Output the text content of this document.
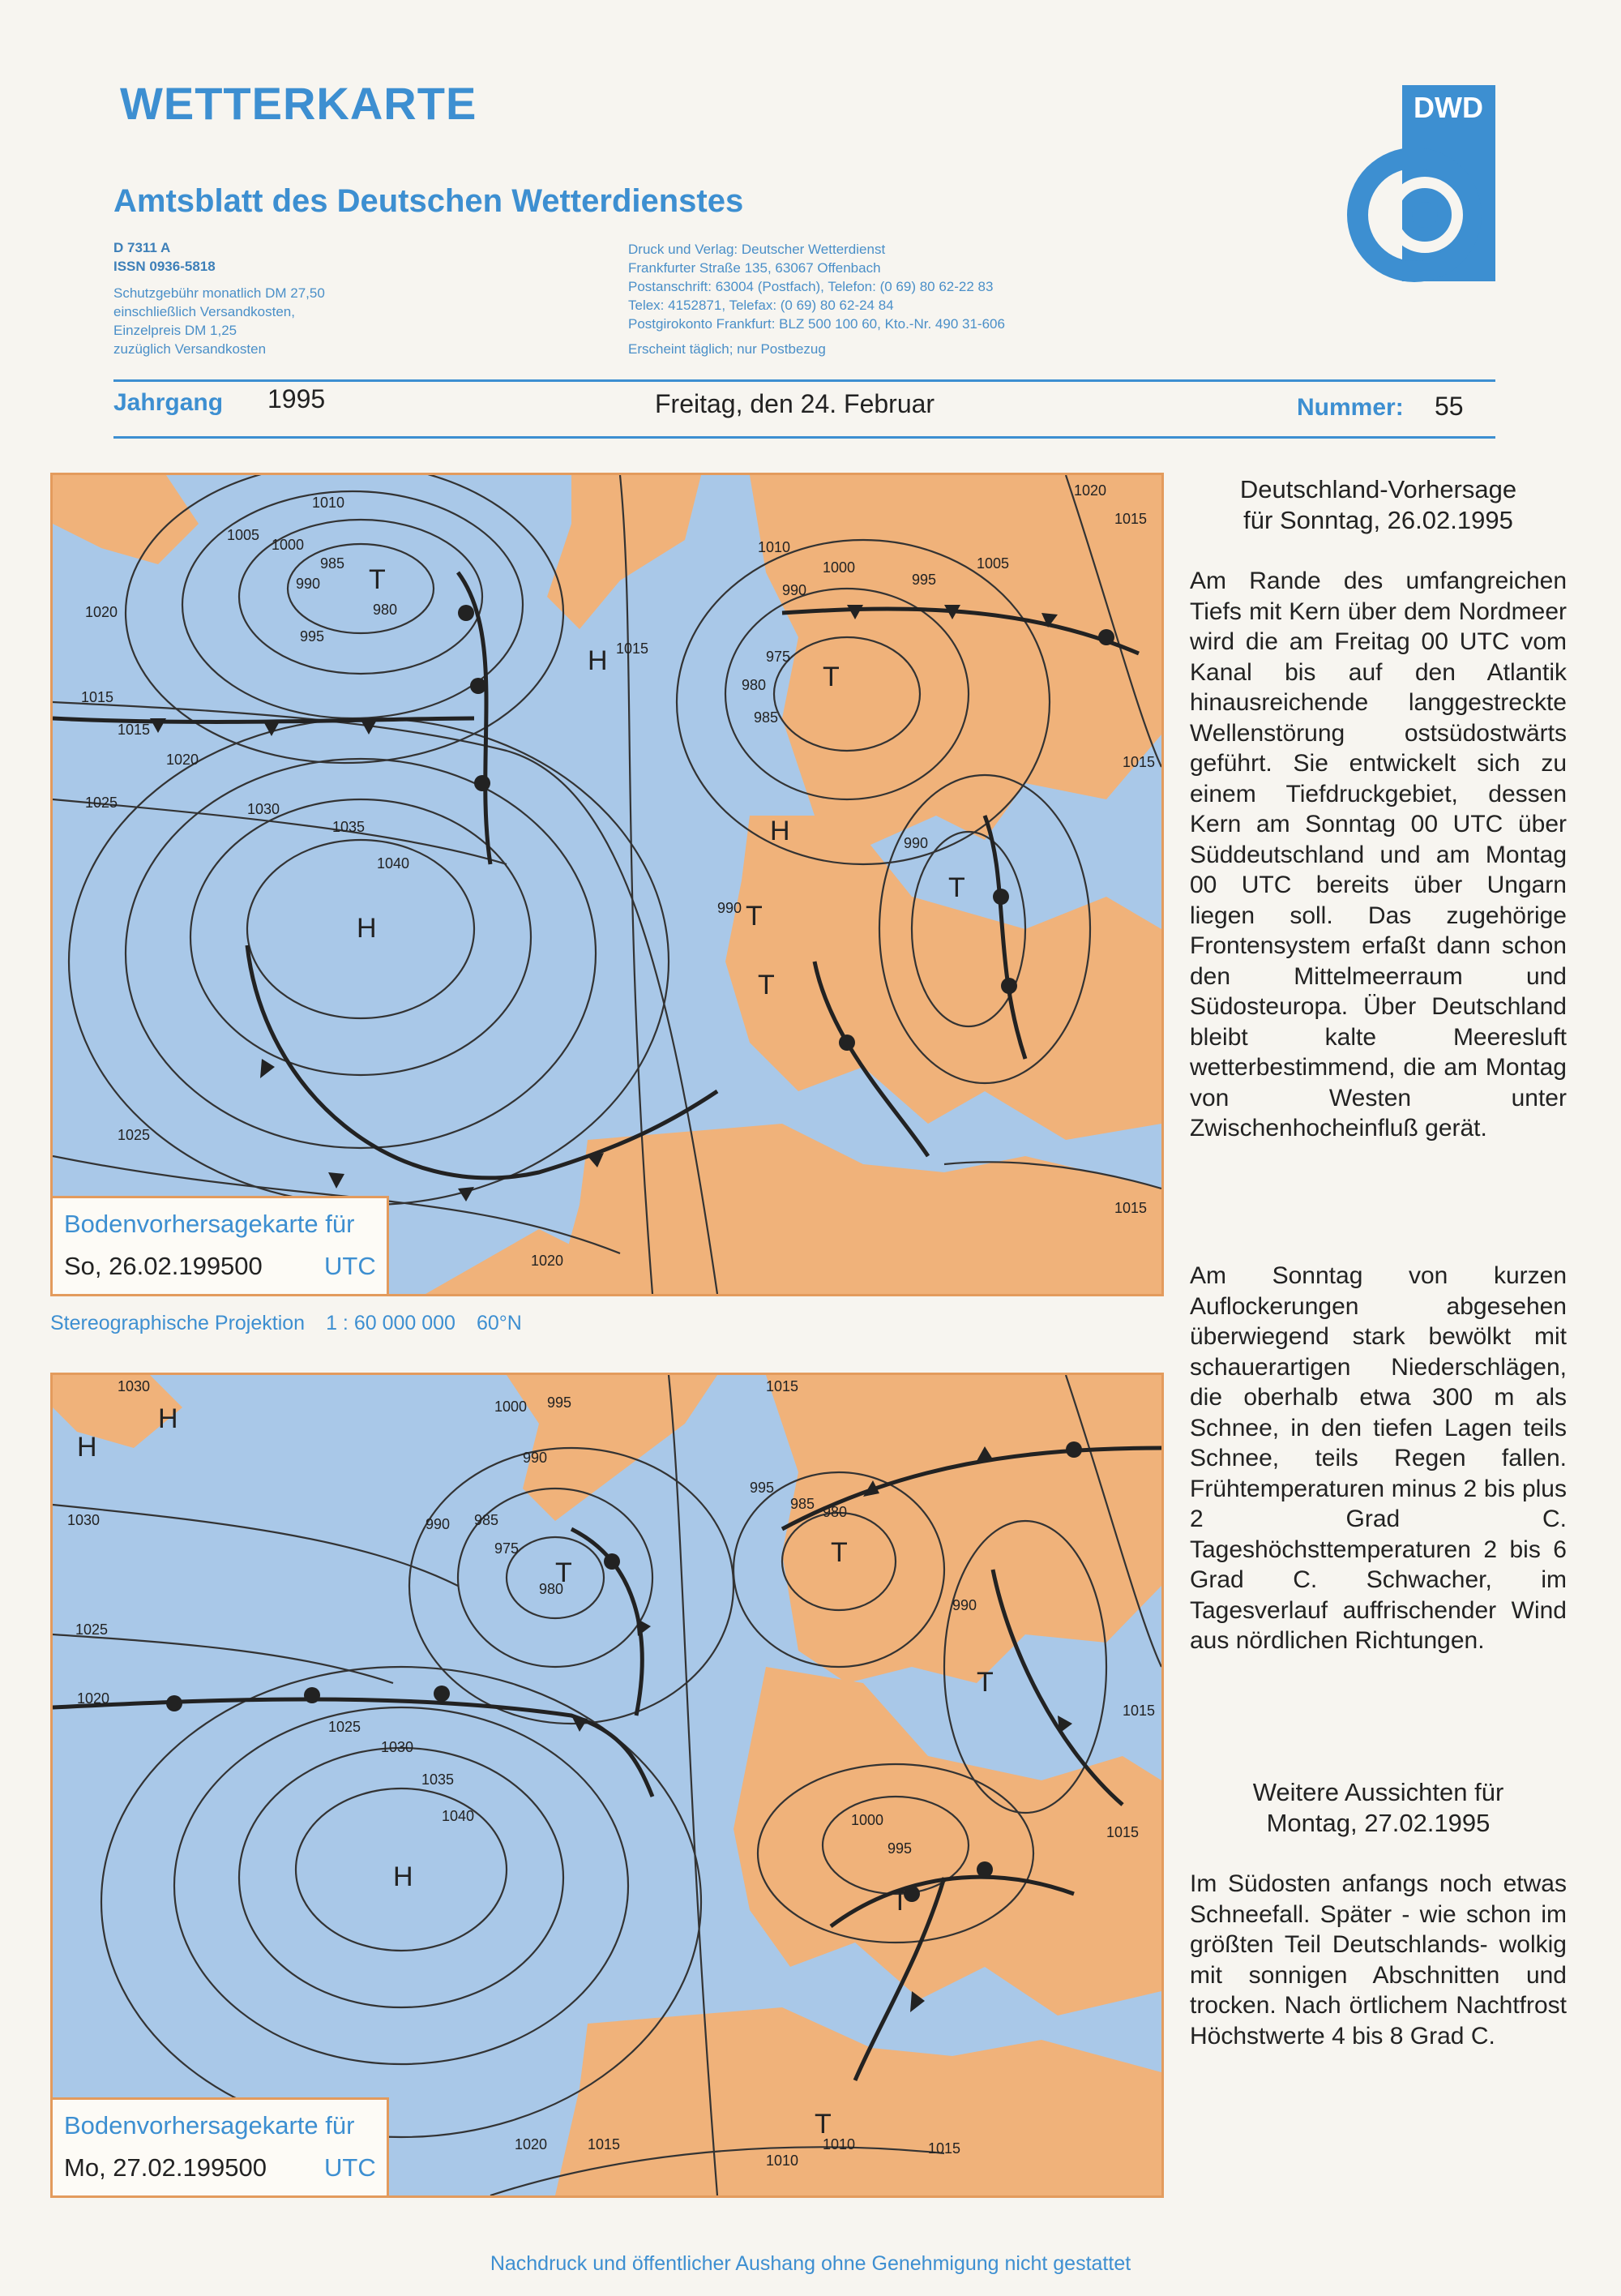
WETTERKARTE
Amtsblatt des Deutschen Wetterdienstes
D 7311 A
ISSN 0936-5818
Schutzgebühr monatlich DM 27,50
einschließlich Versandkosten,
Einzelpreis DM 1,25
zuzüglich Versandkosten
Druck und Verlag: Deutscher Wetterdienst
Frankfurter Straße 135, 63067 Offenbach
Postanschrift: 63004 (Postfach), Telefon: (0 69) 80 62-22 83
Telex: 4152871, Telefax: (0 69) 80 62-24 84
Postgirokonto Frankfurt: BLZ 500 100 60, Kto.-Nr. 490 31-606
Erscheint täglich; nur Postbezug
DWD
Jahrgang 1995	Freitag, den 24. Februar	Nummer: 55
1010
1005
1000
985
980
990
995
1020
1015
1015
1020
1025	1030
1035
1040
1025
1020
1010
1000	1005
995
990
975
980
985
1015
1020
1015
1015
990
990
1015
T
H
T
H
H
T
T
T
Bodenvorhersagekarte für
So, 26.02.199500 UTC
Stereographische Projektion 1 : 60 000 000 60°N
1030
1030
1025
1020
1000 995
990
985
990
975
980
1015
995
985 980
990
1025
1030
1035
1040	1000
995
1015
1020	1015
1010
1010	1015
1015
H
H
T
T
T
H
T
T
Bodenvorhersagekarte für
Mo, 27.02.199500 UTC
Deutschland-Vorhersage
für Sonntag, 26.02.1995
Am Rande des umfangreichen Tiefs mit Kern über dem Nordmeer wird die am Freitag 00 UTC vom Kanal bis auf den Atlantik hinausreichende langgestreckte Wellenstörung ostsüdostwärts geführt. Sie entwickelt sich zu einem Tiefdruckgebiet, dessen Kern am Sonntag 00 UTC über Süddeutschland und am Montag 00 UTC bereits über Ungarn liegen soll. Das zugehörige Frontensystem erfaßt dann schon den Mittelmeerraum und Südosteuropa. Über Deutschland bleibt kalte Meeresluft wetterbestimmend, die am Montag von Westen unter Zwischenhocheinfluß gerät.
Am Sonntag von kurzen Auflockerungen abgesehen überwiegend stark bewölkt mit schauerartigen Niederschlägen, die oberhalb etwa 300 m als Schnee, in den tiefen Lagen teils Schnee, teils Regen fallen. Frühtemperaturen minus 2 bis plus 2 Grad C. Tageshöchsttemperaturen 2 bis 6 Grad C. Schwacher, im Tagesverlauf auffrischender Wind aus nördlichen Richtungen.
Weitere Aussichten für
Montag, 27.02.1995
Im Südosten anfangs noch etwas Schneefall. Später - wie schon im größten Teil Deutschlands- wolkig mit sonnigen Abschnitten und trocken. Nach örtlichem Nachtfrost Höchstwerte 4 bis 8 Grad C.
Nachdruck und öffentlicher Aushang ohne Genehmigung nicht gestattet
